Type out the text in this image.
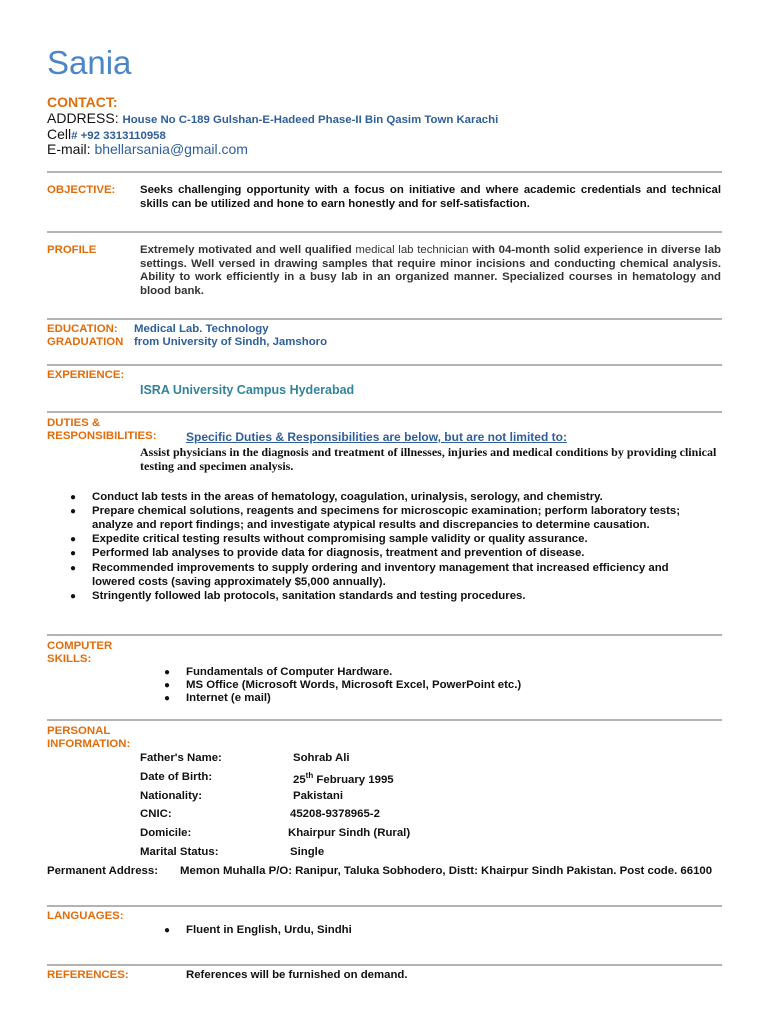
Sania
CONTACT:
ADDRESS: House No C-189 Gulshan-E-Hadeed Phase-II Bin Qasim Town Karachi
Cell# +92 3313110958
E-mail: bhellarsania@gmail.com
OBJECTIVE: Seeks challenging opportunity with a focus on initiative and where academic credentials and technical skills can be utilized and hone to earn honestly and for self-satisfaction.
PROFILE	Extremely motivated and well qualified medical lab technician with 04-month solid experience in diverse lab settings. Well versed in drawing samples that require minor incisions and conducting chemical analysis. Ability to work efficiently in a busy lab in an organized manner. Specialized courses in hematology and blood bank.
EDUCATION: Medical Lab. Technology
GRADUATION from University of Sindh, Jamshoro
EXPERIENCE:
ISRA University Campus Hyderabad
DUTIES &
RESPONSIBILITIES: Specific Duties & Responsibilities are below, but are not limited to:
Assist physicians in the diagnosis and treatment of illnesses, injuries and medical conditions by providing clinical testing and specimen analysis.
● Conduct lab tests in the areas of hematology, coagulation, urinalysis, serology, and chemistry.
● Prepare chemical solutions, reagents and specimens for microscopic examination; perform laboratory tests; analyze and report findings; and investigate atypical results and discrepancies to determine causation.
● Expedite critical testing results without compromising sample validity or quality assurance.
● Performed lab analyses to provide data for diagnosis, treatment and prevention of disease.
● Recommended improvements to supply ordering and inventory management that increased efficiency and lowered costs (saving approximately $5,000 annually).
● Stringently followed lab protocols, sanitation standards and testing procedures.
COMPUTER
SKILLS:
● Fundamentals of Computer Hardware.
● MS Office (Microsoft Words, Microsoft Excel, PowerPoint etc.)
● Internet (e mail)
PERSONAL
INFORMATION:
Father's Name:	Sohrab Ali
Date of Birth:	25th February 1995
Nationality:	Pakistani
CNIC:	45208-9378965-2
Domicile:	Khairpur Sindh (Rural)
Marital Status:	Single
Permanent Address: Memon Muhalla P/O: Ranipur, Taluka Sobhodero, Distt: Khairpur Sindh Pakistan. Post code. 66100
LANGUAGES:
● Fluent in English, Urdu, Sindhi
REFERENCES:	References will be furnished on demand.
